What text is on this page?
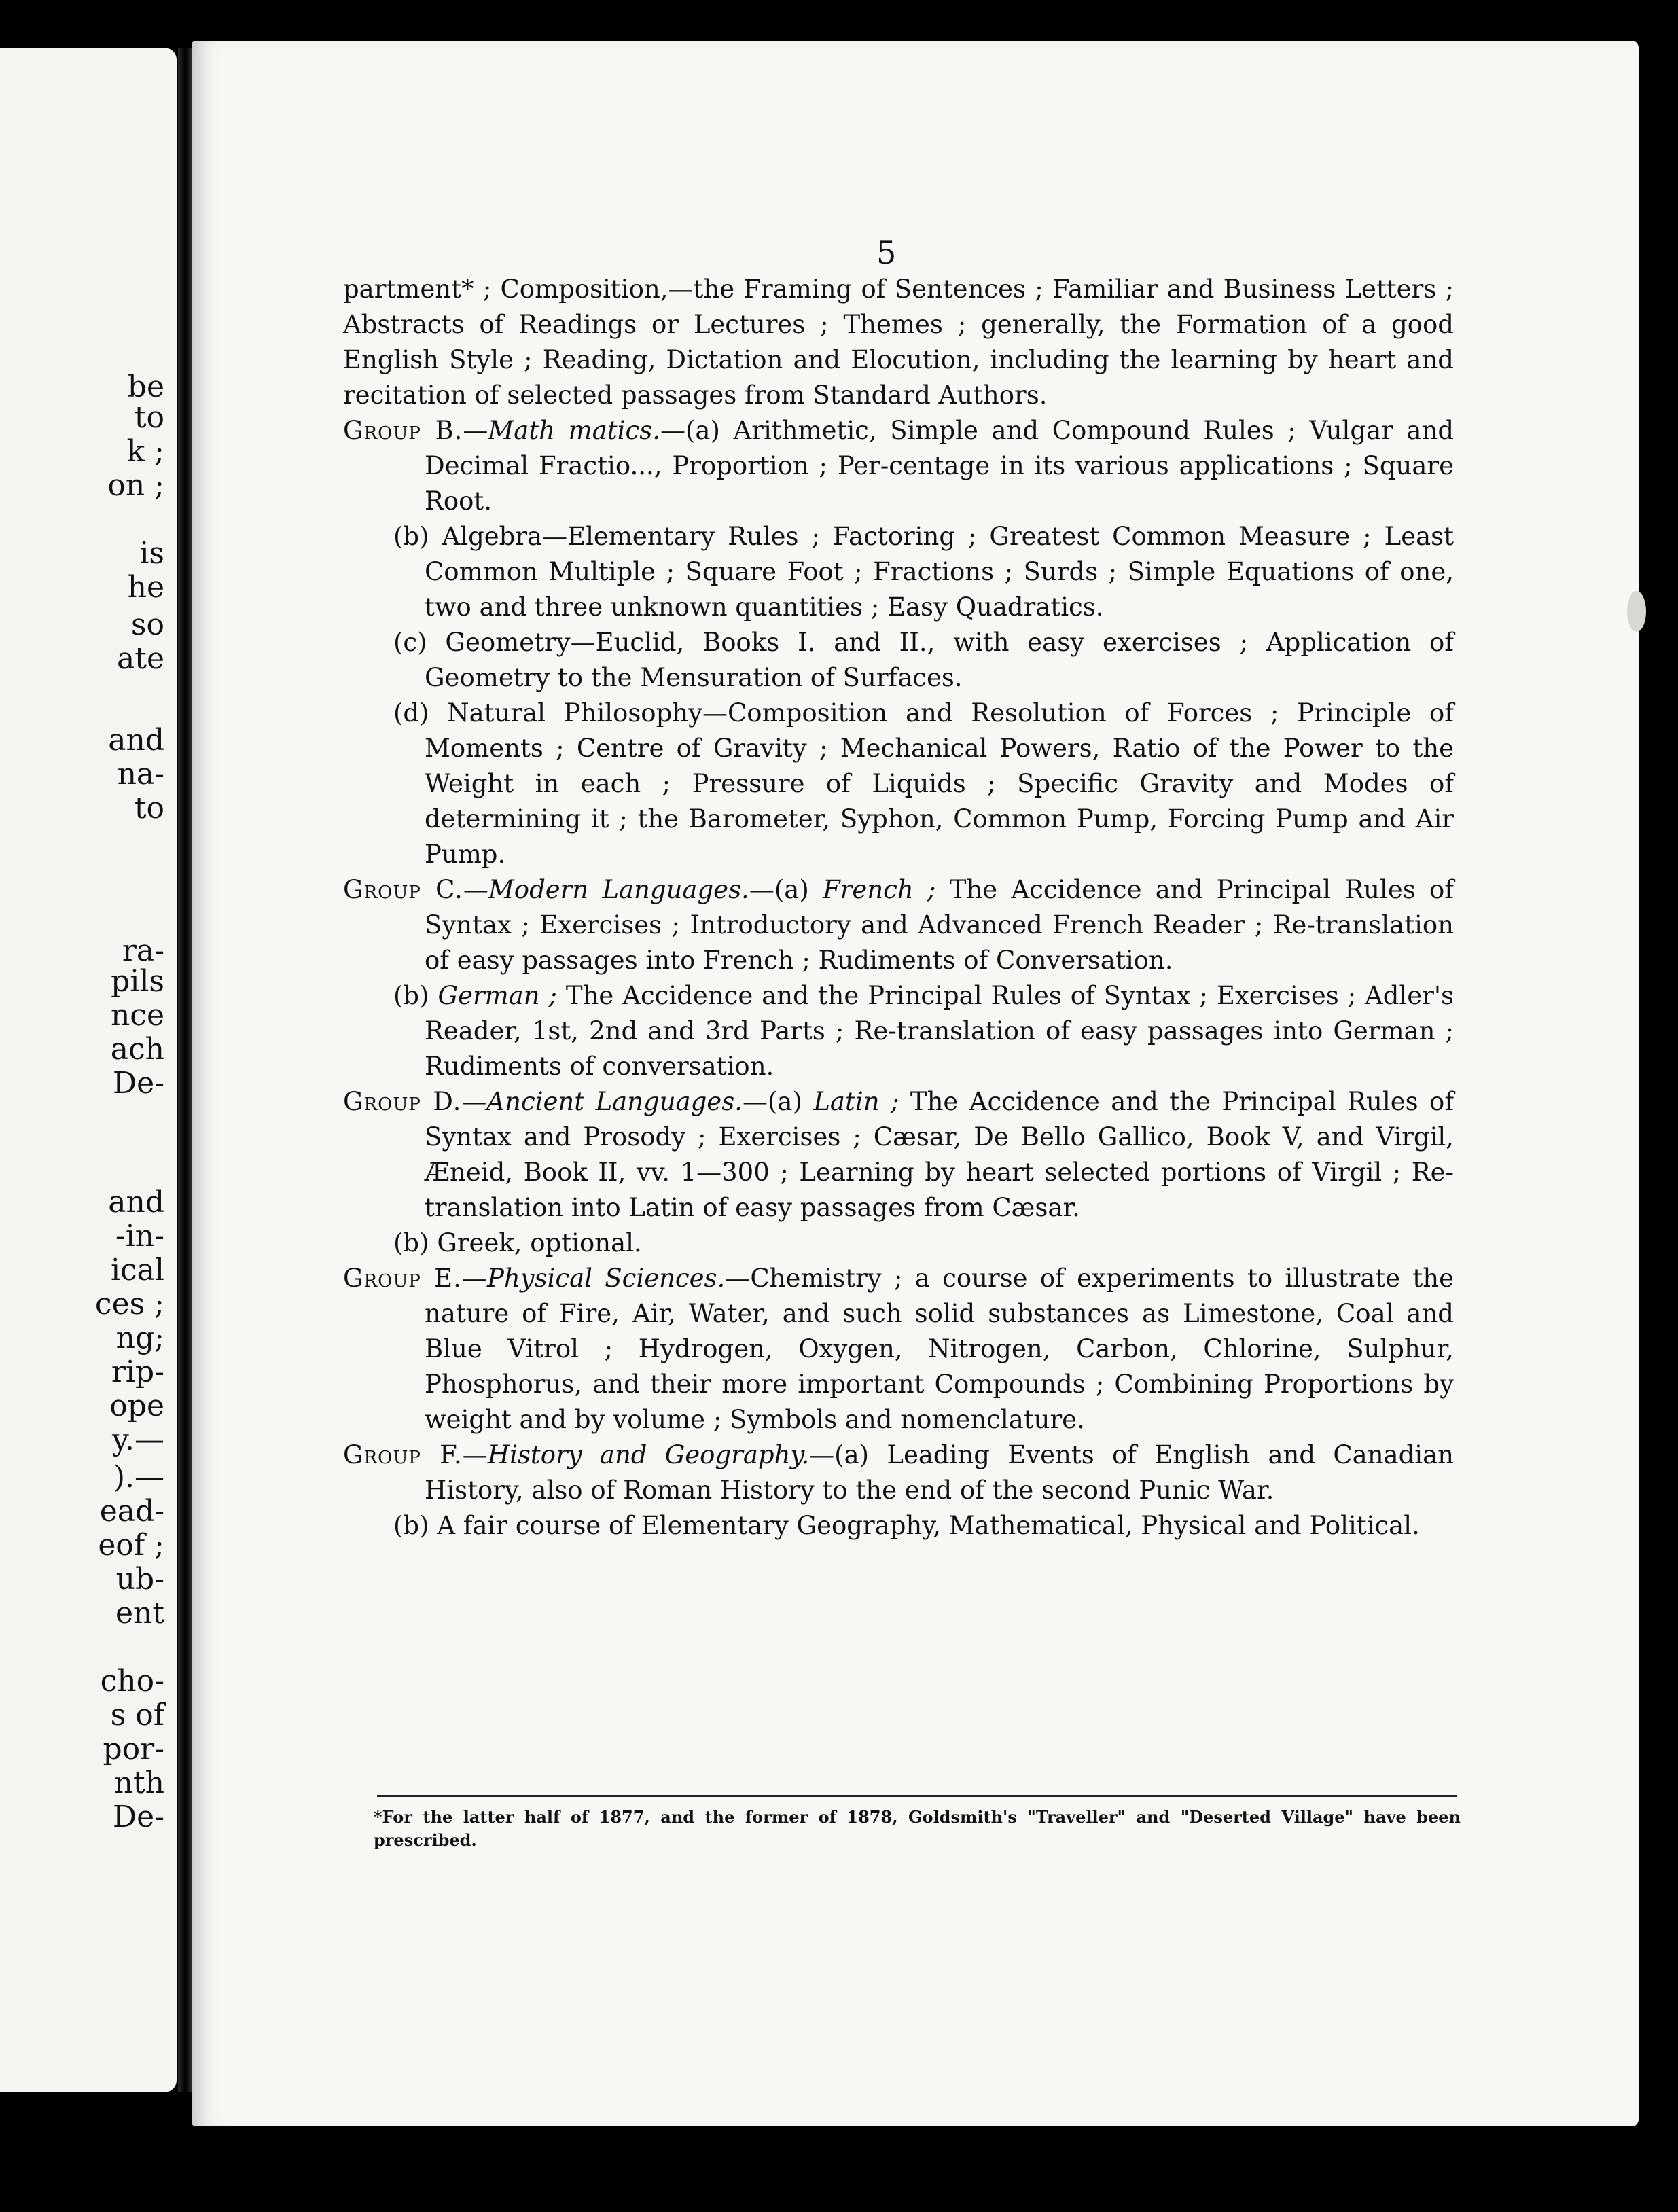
be
to
k ;
on ;
is
he
so
ate
and
na-
to
ra-
pils
nce
ach
De-
and
-in-
ical
ces ;
ng;
rip-
ope
y.—
).—
ead-
eof ;
ub-
ent
cho-
s of
por-
nth
De-
5

partment* ; Composition,—the Framing of Sentences ; Familiar and Business Letters ; Abstracts of Readings or Lectures ; Themes ; generally, the Formation of a good English Style ; Reading, Dictation and Elocution, including the learning by heart and recitation of selected passages from Standard Authors.

Group B.—Math matics.—(a) Arithmetic, Simple and Compound Rules ; Vulgar and Decimal Fractio..., Proportion ; Per-centage in its various applications ; Square Root.

(b) Algebra—Elementary Rules ; Factoring ; Greatest Common Measure ; Least Common Multiple ; Square Foot ; Fractions ; Surds ; Simple Equations of one, two and three unknown quantities ; Easy Quadratics.

(c) Geometry—Euclid, Books I. and II., with easy exercises ; Application of Geometry to the Mensuration of Surfaces.

(d) Natural Philosophy—Composition and Resolution of Forces ; Principle of Moments ; Centre of Gravity ; Mechanical Powers, Ratio of the Power to the Weight in each ; Pressure of Liquids ; Specific Gravity and Modes of determining it ; the Barometer, Syphon, Common Pump, Forcing Pump and Air Pump.

Group C.—Modern Languages.—(a) French ; The Accidence and Principal Rules of Syntax ; Exercises ; Introductory and Advanced French Reader ; Re-translation of easy passages into French ; Rudiments of Conversation.

(b) German ; The Accidence and the Principal Rules of Syntax ; Exercises ; Adler's Reader, 1st, 2nd and 3rd Parts ; Re-translation of easy passages into German ; Rudiments of conversation.

Group D.—Ancient Languages.—(a) Latin ; The Accidence and the Principal Rules of Syntax and Prosody ; Exercises ; Cæsar, De Bello Gallico, Book V, and Virgil, Æneid, Book II, vv. 1—300 ; Learning by heart selected portions of Virgil ; Re-translation into Latin of easy passages from Cæsar.

(b) Greek, optional.

Group E.—Physical Sciences.—Chemistry ; a course of experiments to illustrate the nature of Fire, Air, Water, and such solid substances as Limestone, Coal and Blue Vitrol ; Hydrogen, Oxygen, Nitrogen, Carbon, Chlorine, Sulphur, Phosphorus, and their more important Compounds ; Combining Proportions by weight and by volume ; Symbols and nomenclature.

Group F.—History and Geography.—(a) Leading Events of English and Canadian History, also of Roman History to the end of the second Punic War.

(b) A fair course of Elementary Geography, Mathematical, Physical and Political.

*For the latter half of 1877, and the former of 1878, Goldsmith's "Traveller" and "Deserted Village" have been prescribed.
